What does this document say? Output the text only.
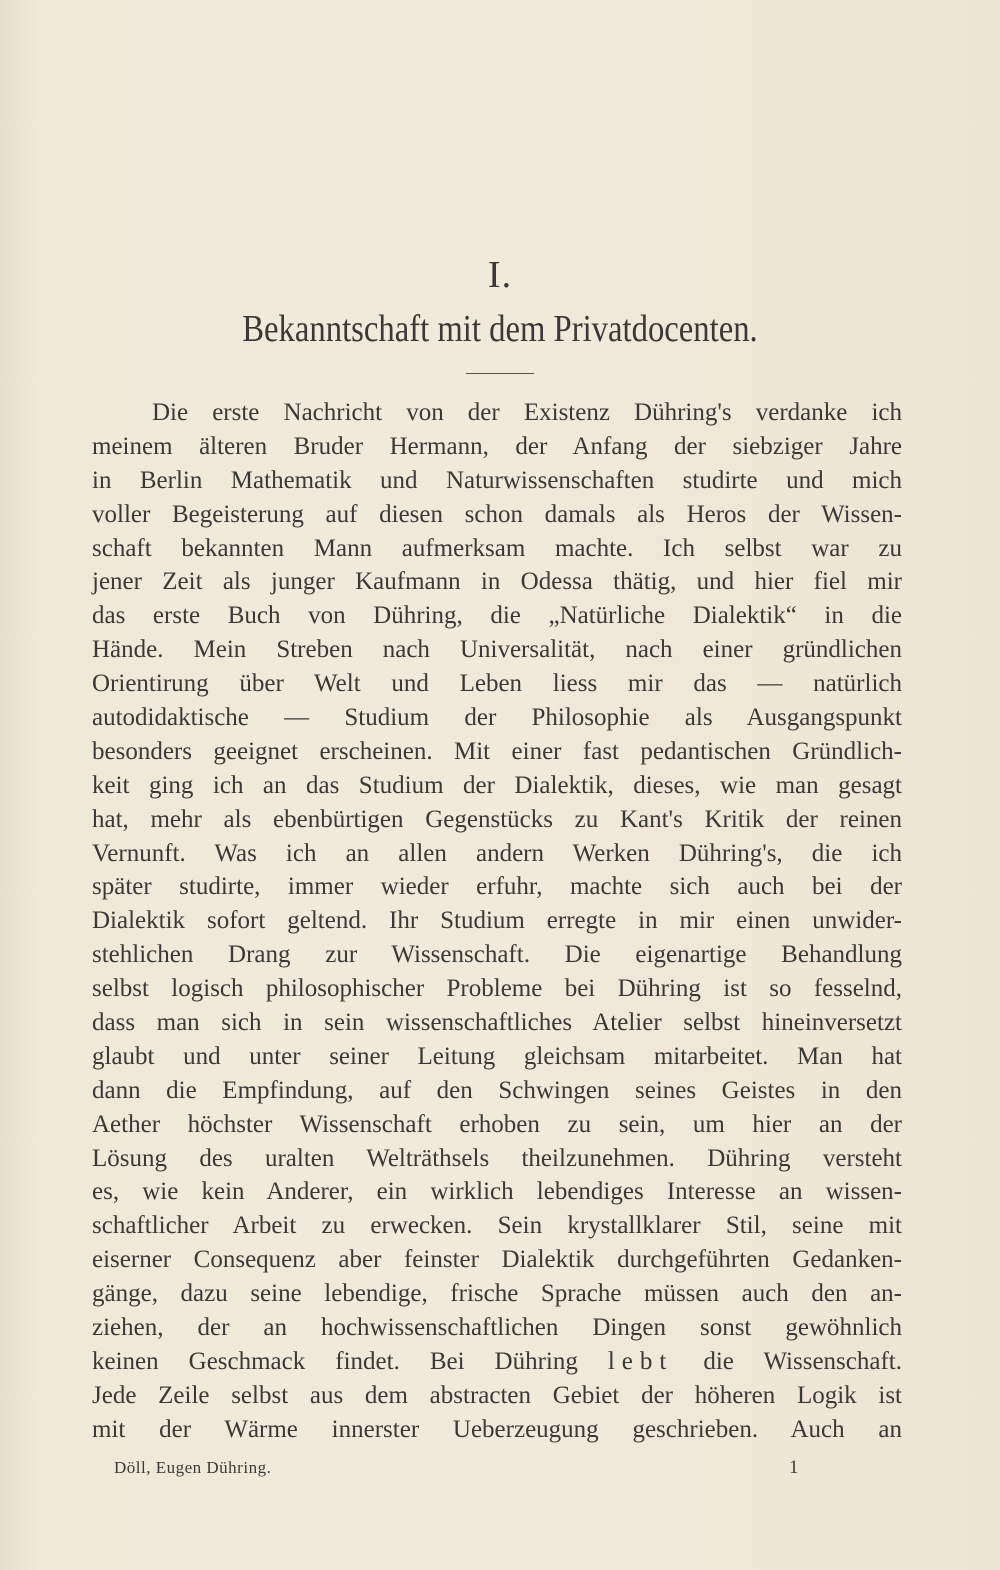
I.
Bekanntschaft mit dem Privatdocenten.
Die erste Nachricht von der Existenz Dühring's verdanke ich
meinem älteren Bruder Hermann, der Anfang der siebziger Jahre
in Berlin Mathematik und Naturwissenschaften studirte und mich
voller Begeisterung auf diesen schon damals als Heros der Wissen-
schaft bekannten Mann aufmerksam machte. Ich selbst war zu
jener Zeit als junger Kaufmann in Odessa thätig, und hier fiel mir
das erste Buch von Dühring, die „Natürliche Dialektik“ in die
Hände. Mein Streben nach Universalität, nach einer gründlichen
Orientirung über Welt und Leben liess mir das — natürlich
autodidaktische — Studium der Philosophie als Ausgangspunkt
besonders geeignet erscheinen. Mit einer fast pedantischen Gründlich-
keit ging ich an das Studium der Dialektik, dieses, wie man gesagt
hat, mehr als ebenbürtigen Gegenstücks zu Kant's Kritik der reinen
Vernunft. Was ich an allen andern Werken Dühring's, die ich
später studirte, immer wieder erfuhr, machte sich auch bei der
Dialektik sofort geltend. Ihr Studium erregte in mir einen unwider-
stehlichen Drang zur Wissenschaft. Die eigenartige Behandlung
selbst logisch philosophischer Probleme bei Dühring ist so fesselnd,
dass man sich in sein wissenschaftliches Atelier selbst hineinversetzt
glaubt und unter seiner Leitung gleichsam mitarbeitet. Man hat
dann die Empfindung, auf den Schwingen seines Geistes in den
Aether höchster Wissenschaft erhoben zu sein, um hier an der
Lösung des uralten Welträthsels theilzunehmen. Dühring versteht
es, wie kein Anderer, ein wirklich lebendiges Interesse an wissen-
schaftlicher Arbeit zu erwecken. Sein krystallklarer Stil, seine mit
eiserner Consequenz aber feinster Dialektik durchgeführten Gedanken-
gänge, dazu seine lebendige, frische Sprache müssen auch den an-
ziehen, der an hochwissenschaftlichen Dingen sonst gewöhnlich
keinen Geschmack findet. Bei Dühring lebt die Wissenschaft.
Jede Zeile selbst aus dem abstracten Gebiet der höheren Logik ist
mit der Wärme innerster Ueberzeugung geschrieben. Auch an
Döll, Eugen Dühring.	1
